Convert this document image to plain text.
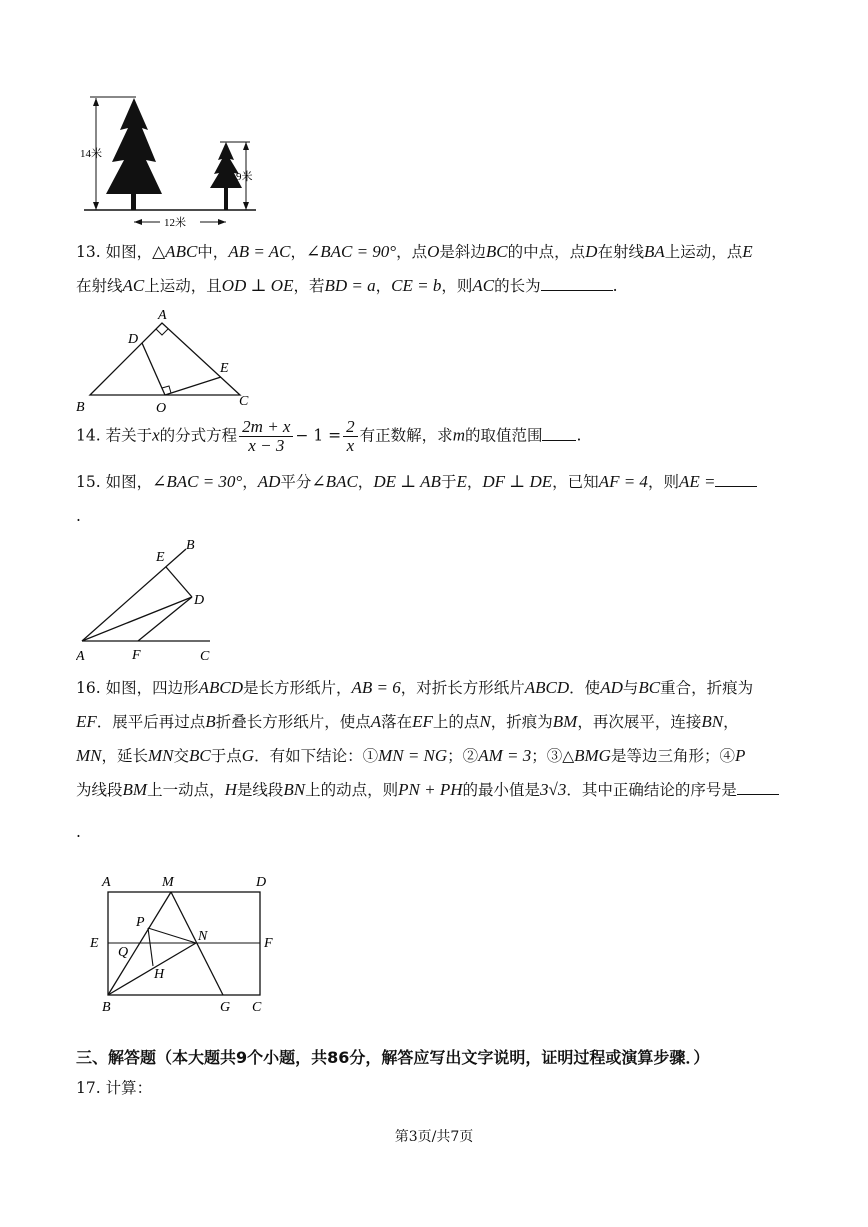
14米
9米
12米
13. 如图，△ABC中，AB = AC，∠BAC = 90°，点O是斜边BC的中点，点D在射线BA上运动，点E
在射线AC上运动，且OD ⊥ OE，若BD = a，CE = b，则AC的长为	.
A
D
E
B	O	C
14. 若关于x的分式方程 $\frac{2m + x}{x - 3} - 1 = \frac{2}{x}$ 有正数解，求m的取值范围 .
15. 如图，∠BAC = 30°，AD平分∠BAC，DE ⊥ AB于E，DF ⊥ DE，已知AF = 4，则AE =
.
B
E
D
A	F	C
16. 如图，四边形ABCD是长方形纸片，AB = 6，对折长方形纸片ABCD．使AD与BC重合，折痕为
EF．展平后再过点B折叠长方形纸片，使点A落在EF上的点N，折痕为BM，再次展平，连接BN，
MN，延长MN交BC于点G．有如下结论：①MN = NG；②AM = 3；③△BMG是等边三角形；④P
为线段BM上一动点，H是线段BN上的动点，则PN + PH的最小值是3√3．其中正确结论的序号是
.
A	M	D
E	F
P
Q
N
H
B	G C
三、解答题（本大题共9个小题，共86分，解答应写出文字说明，证明过程或演算步骤．）
17. 计算：
第3页/共7页
